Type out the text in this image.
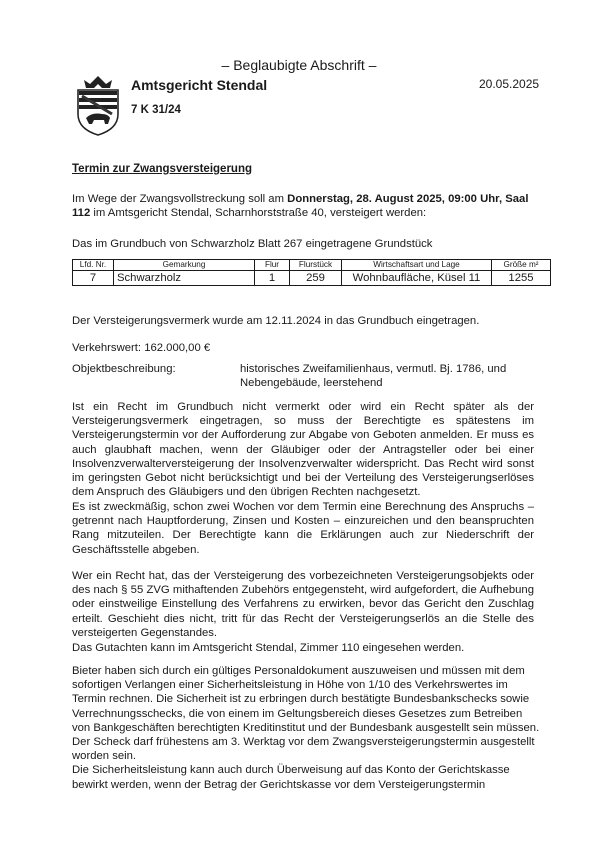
– Beglaubigte Abschrift –
Amtsgericht Stendal
7 K 31/24
20.05.2025
Termin zur Zwangsversteigerung
Im Wege der Zwangsvollstreckung soll am Donnerstag, 28. August 2025, 09:00 Uhr, Saal 112 im Amtsgericht Stendal, Scharnhorststraße 40, versteigert werden:
Das im Grundbuch von Schwarzholz Blatt 267 eingetragene Grundstück
Lfd. Nr.	Gemarkung	Flur	Flurstück	Wirtschaftsart und Lage	Größe m²
7	Schwarzholz	1	259	Wohnbaufläche, Küsel 11	1255
Der Versteigerungsvermerk wurde am 12.11.2024 in das Grundbuch eingetragen.
Verkehrswert: 162.000,00 €
Objektbeschreibung:	historisches Zweifamilienhaus, vermutl. Bj. 1786, und Nebengebäude, leerstehend
Ist ein Recht im Grundbuch nicht vermerkt oder wird ein Recht später als der Versteigerungsvermerk eingetragen, so muss der Berechtigte es spätestens im Versteigerungstermin vor der Aufforderung zur Abgabe von Geboten anmelden. Er muss es auch glaubhaft machen, wenn der Gläubiger oder der Antragsteller oder bei einer Insolvenzverwalterversteigerung der Insolvenzverwalter widerspricht. Das Recht wird sonst im geringsten Gebot nicht berücksichtigt und bei der Verteilung des Versteigerungserlöses dem Anspruch des Gläubigers und den übrigen Rechten nachgesetzt.
Es ist zweckmäßig, schon zwei Wochen vor dem Termin eine Berechnung des Anspruchs – getrennt nach Hauptforderung, Zinsen und Kosten – einzureichen und den beanspruchten Rang mitzuteilen. Der Berechtigte kann die Erklärungen auch zur Niederschrift der Geschäftsstelle abgeben.
Wer ein Recht hat, das der Versteigerung des vorbezeichneten Versteigerungsobjekts oder des nach § 55 ZVG mithaftenden Zubehörs entgegensteht, wird aufgefordert, die Aufhebung oder einstweilige Einstellung des Verfahrens zu erwirken, bevor das Gericht den Zuschlag erteilt. Geschieht dies nicht, tritt für das Recht der Versteigerungserlös an die Stelle des versteigerten Gegenstandes.
Das Gutachten kann im Amtsgericht Stendal, Zimmer 110 eingesehen werden.
Bieter haben sich durch ein gültiges Personaldokument auszuweisen und müssen mit dem
sofortigen Verlangen einer Sicherheitsleistung in Höhe von 1/10 des Verkehrswertes im
Termin rechnen. Die Sicherheit ist zu erbringen durch bestätigte Bundesbankschecks sowie
Verrechnungsschecks, die von einem im Geltungsbereich dieses Gesetzes zum Betreiben
von Bankgeschäften berechtigten Kreditinstitut und der Bundesbank ausgestellt sein müssen.
Der Scheck darf frühestens am 3. Werktag vor dem Zwangsversteigerungstermin ausgestellt
worden sein.
Die Sicherheitsleistung kann auch durch Überweisung auf das Konto der Gerichtskasse
bewirkt werden, wenn der Betrag der Gerichtskasse vor dem Versteigerungstermin
